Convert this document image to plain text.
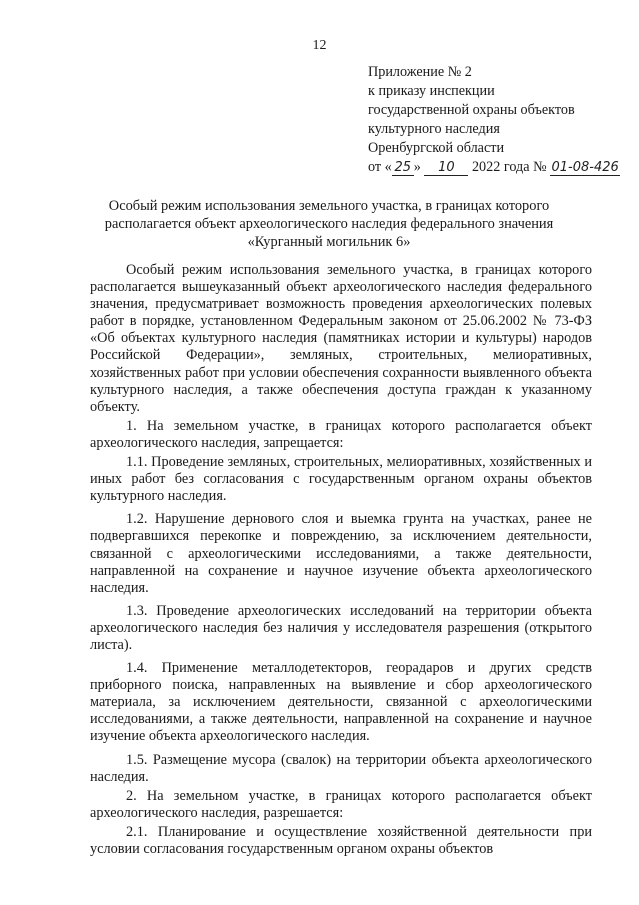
12
Приложение № 2
к приказу инспекции
государственной охраны объектов
культурного наследия
Оренбургской области
от « 25 » 10 2022 года № 01-08-426
Особый режим использования земельного участка, в границах которого
располагается объект археологического наследия федерального значения
«Курганный могильник 6»

Особый режим использования земельного участка, в границах которого располагается вышеуказанный объект археологического наследия федерального значения, предусматривает возможность проведения археологических полевых работ в порядке, установленном Федеральным законом от 25.06.2002 № 73-ФЗ «Об объектах культурного наследия (памятниках истории и культуры) народов Российской Федерации», земляных, строительных, мелиоративных, хозяйственных работ при условии обеспечения сохранности выявленного объекта культурного наследия, а также обеспечения доступа граждан к указанному объекту.

1. На земельном участке, в границах которого располагается объект археологического наследия, запрещается:

1.1. Проведение земляных, строительных, мелиоративных, хозяйственных и иных работ без согласования с государственным органом охраны объектов культурного наследия.

1.2. Нарушение дернового слоя и выемка грунта на участках, ранее не подвергавшихся перекопке и повреждению, за исключением деятельности, связанной с археологическими исследованиями, а также деятельности, направленной на сохранение и научное изучение объекта археологического наследия.

1.3. Проведение археологических исследований на территории объекта археологического наследия без наличия у исследователя разрешения (открытого листа).

1.4. Применение металлодетекторов, георадаров и других средств приборного поиска, направленных на выявление и сбор археологического материала, за исключением деятельности, связанной с археологическими исследованиями, а также деятельности, направленной на сохранение и научное изучение объекта археологического наследия.

1.5. Размещение мусора (свалок) на территории объекта археологического наследия.

2. На земельном участке, в границах которого располагается объект археологического наследия, разрешается:

2.1. Планирование и осуществление хозяйственной деятельности при условии согласования государственным органом охраны объектов
